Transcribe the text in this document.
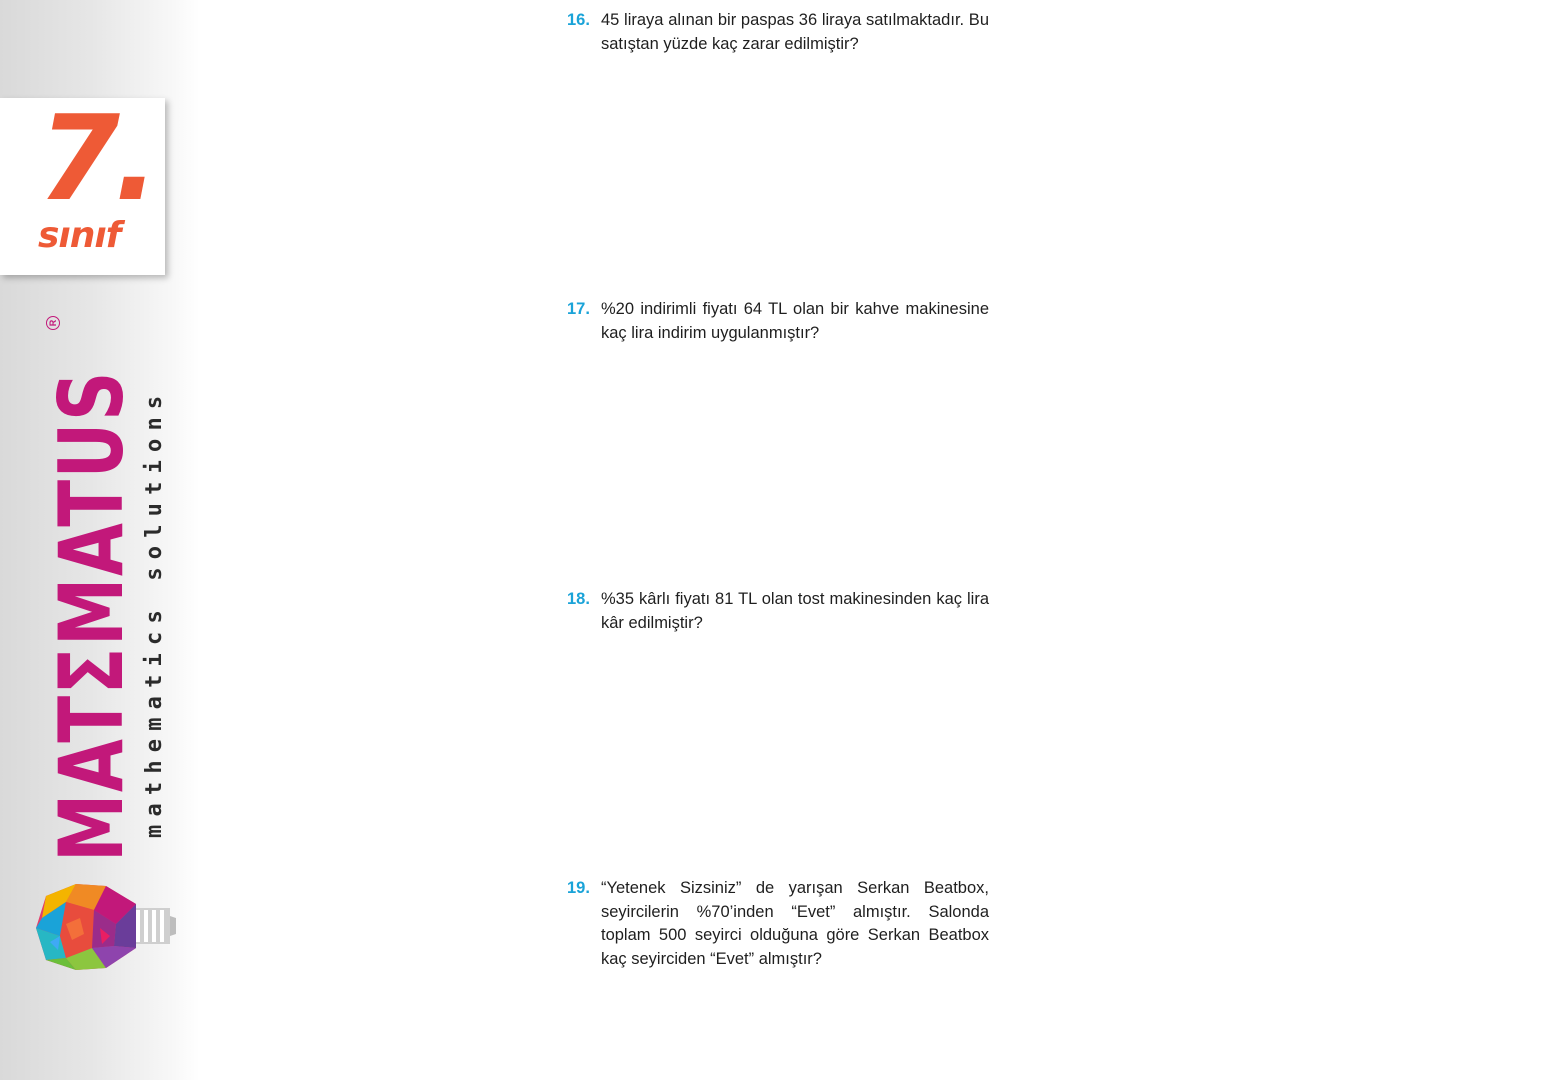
7.
sınıf
MATΣMATUS
R
mathematics solutions
16. 45 liraya alınan bir paspas 36 liraya satılmaktadır. Bu satıştan yüzde kaç zarar edilmiştir?
17. %20 indirimli fiyatı 64 TL olan bir kahve makinesine kaç lira indirim uygulanmıştır?
18. %35 kârlı fiyatı 81 TL olan tost makinesinden kaç lira kâr edilmiştir?
19. “Yetenek Sizsiniz” de yarışan Serkan Beatbox, seyircilerin %70’inden “Evet” almıştır. Salonda toplam 500 seyirci olduğuna göre Serkan Beatbox kaç seyirciden “Evet” almıştır?
